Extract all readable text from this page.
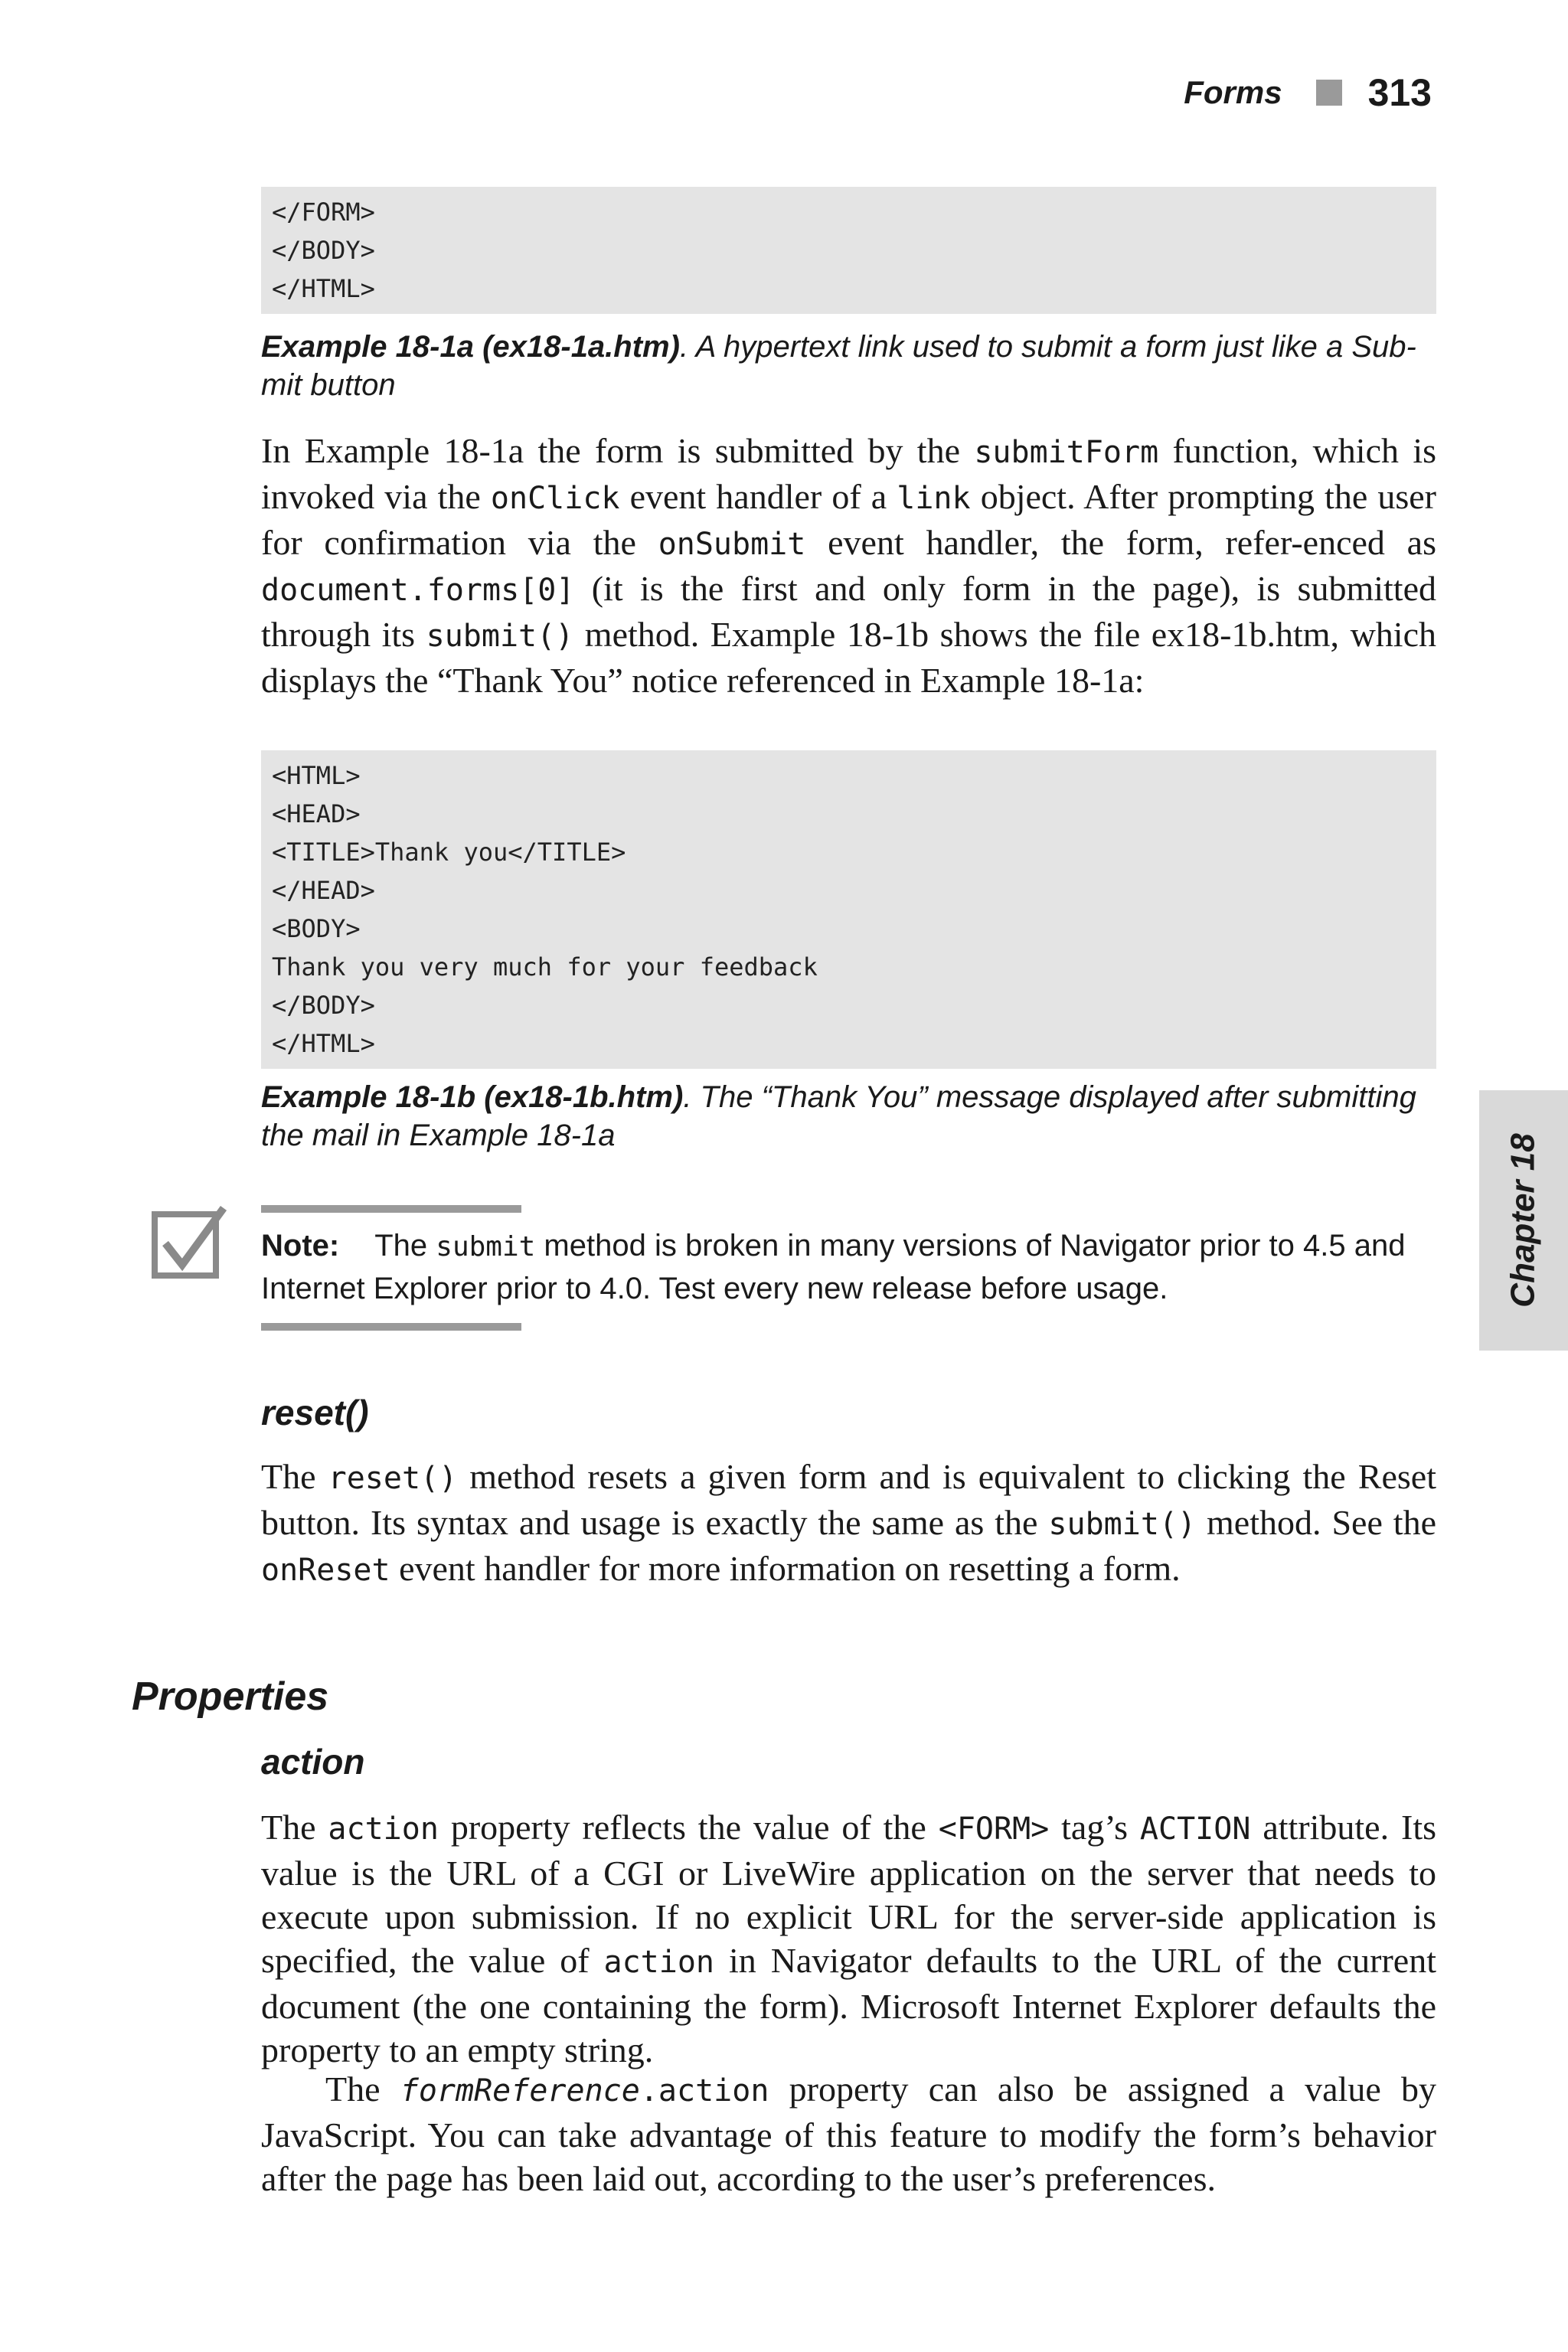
Forms 313
Chapter 18
</FORM>
</BODY>
</HTML>
Example 18-1a (ex18-1a.htm). A hypertext link used to submit a form just like a Sub-mit button

In Example 18-1a the form is submitted by the submitForm function, which is invoked via the onClick event handler of a link object. After prompting the user for confirmation via the onSubmit event handler, the form, refer-enced as document.forms[0] (it is the first and only form in the page), is submitted through its submit() method. Example 18-1b shows the file ex18-1b.htm, which displays the “Thank You” notice referenced in Example 18-1a:

<HTML>
<HEAD>
<TITLE>Thank you</TITLE>
</HEAD>
<BODY>
Thank you very much for your feedback
</BODY>
</HTML>
Example 18-1b (ex18-1b.htm). The “Thank You” message displayed after submitting the mail in Example 18-1a
Note: The submit method is broken in many versions of Navigator prior to 4.5 and Internet Explorer prior to 4.0. Test every new release before usage.
reset()

The reset() method resets a given form and is equivalent to clicking the Reset button. Its syntax and usage is exactly the same as the submit() method. See the onReset event handler for more information on resetting a form.

Properties
action

The action property reflects the value of the <FORM> tag’s ACTION attribute. Its value is the URL of a CGI or LiveWire application on the server that needs to execute upon submission. If no explicit URL for the server-side application is specified, the value of action in Navigator defaults to the URL of the current document (the one containing the form). Microsoft Internet Explorer defaults the property to an empty string.

The formReference.action property can also be assigned a value by JavaScript. You can take advantage of this feature to modify the form’s behavior after the page has been laid out, according to the user’s preferences.
